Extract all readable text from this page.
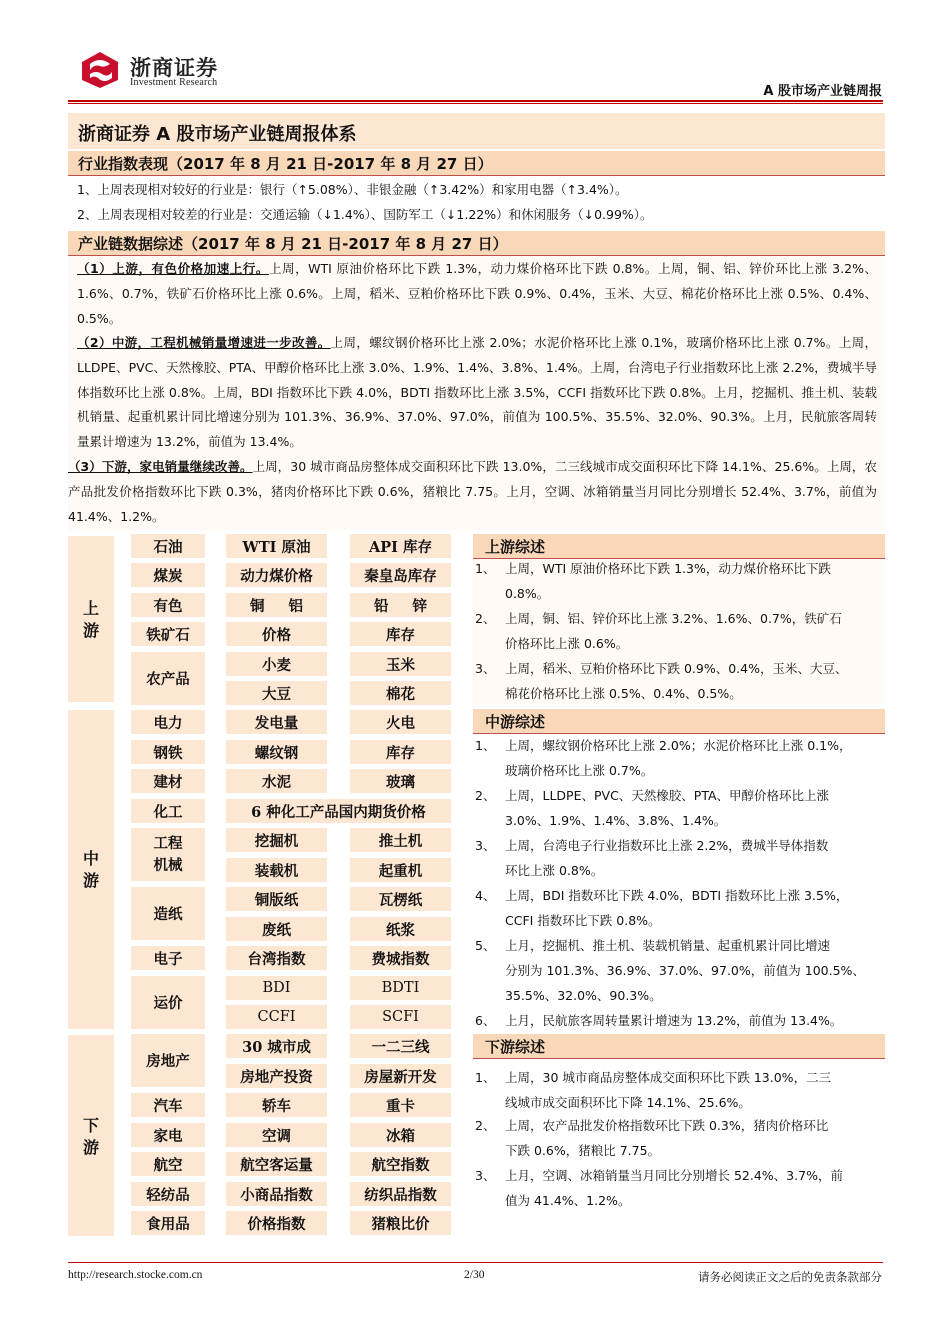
浙商证券
Investment Research
A 股市场产业链周报
浙商证券 A 股市场产业链周报体系
行业指数表现（2017 年 8 月 21 日-2017 年 8 月 27 日）
1、上周表现相对较好的行业是：银行（↑5.08%）、非银金融（↑3.42%）和家用电器（↑3.4%）。
2、上周表现相对较差的行业是：交通运输（↓1.4%）、国防军工（↓1.22%）和休闲服务（↓0.99%）。
产业链数据综述（2017 年 8 月 21 日-2017 年 8 月 27 日）
（1）上游，有色价格加速上行。上周，WTI 原油价格环比下跌 1.3%，动力煤价格环比下跌 0.8%。上周，铜、铝、锌价环比上涨 3.2%、1.6%、0.7%，铁矿石价格环比上涨 0.6%。上周，稻米、豆粕价格环比下跌 0.9%、0.4%，玉米、大豆、棉花价格环比上涨 0.5%、0.4%、0.5%。
（2）中游，工程机械销量增速进一步改善。上周，螺纹钢价格环比上涨 2.0%；水泥价格环比上涨 0.1%，玻璃价格环比上涨 0.7%。上周，LLDPE、PVC、天然橡胶、PTA、甲醇价格环比上涨 3.0%、1.9%、1.4%、3.8%、1.4%。上周，台湾电子行业指数环比上涨 2.2%，费城半导体指数环比上涨 0.8%。上周，BDI 指数环比下跌 4.0%，BDTI 指数环比上涨 3.5%，CCFI 指数环比下跌 0.8%。上月，挖掘机、推土机、装载机销量、起重机累计同比增速分别为 101.3%、36.9%、37.0%、97.0%，前值为 100.5%、35.5%、32.0%、90.3%。上月，民航旅客周转量累计增速为 13.2%，前值为 13.4%。
（3）下游，家电销量继续改善。上周，30 城市商品房整体成交面积环比下跌 13.0%，二三线城市成交面积环比下降 14.1%、25.6%。上周，农产品批发价格指数环比下跌 0.3%，猪肉价格环比下跌 0.6%，猪粮比 7.75。上月，空调、冰箱销量当月同比分别增长 52.4%、3.7%，前值为 41.4%、1.2%。
上
游
中
游
下
游
石油	WTI 原油	API 库存
煤炭	动力煤价格	秦皇岛库存
有色	铜 铝	铅 锌
铁矿石	价格	库存
农产品
小麦	玉米
大豆	棉花
电力	发电量	火电
钢铁	螺纹钢	库存
建材	水泥	玻璃
化工	6 种化工产品国内期货价格
工程
机械
挖掘机	推土机
装载机	起重机
造纸
铜版纸	瓦楞纸
废纸	纸浆
电子	台湾指数	费城指数
运价
BDI	BDTI
CCFI	SCFI
房地产
30 城市成	一二三线
房地产投资	房屋新开发
汽车	轿车	重卡
家电	空调	冰箱
航空	航空客运量	航空指数
轻纺品	小商品指数	纺织品指数
食用品	价格指数	猪粮比价
上游综述
1、 上周，WTI 原油价格环比下跌 1.3%，动力煤价格环比下跌
0.8%。
2、 上周，铜、铝、锌价环比上涨 3.2%、1.6%、0.7%，铁矿石
价格环比上涨 0.6%。
3、 上周，稻米、豆粕价格环比下跌 0.9%、0.4%，玉米、大豆、
棉花价格环比上涨 0.5%、0.4%、0.5%。
中游综述
1、 上周，螺纹钢价格环比上涨 2.0%；水泥价格环比上涨 0.1%，
玻璃价格环比上涨 0.7%。
2、 上周，LLDPE、PVC、天然橡胶、PTA、甲醇价格环比上涨
3.0%、1.9%、1.4%、3.8%、1.4%。
3、 上周，台湾电子行业指数环比上涨 2.2%，费城半导体指数
环比上涨 0.8%。
4、 上周，BDI 指数环比下跌 4.0%，BDTI 指数环比上涨 3.5%，
CCFI 指数环比下跌 0.8%。
5、 上月，挖掘机、推土机、装载机销量、起重机累计同比增速
分别为 101.3%、36.9%、37.0%、97.0%，前值为 100.5%、
35.5%、32.0%、90.3%。
6、 上月，民航旅客周转量累计增速为 13.2%，前值为 13.4%。
下游综述
1、 上周，30 城市商品房整体成交面积环比下跌 13.0%，二三
线城市成交面积环比下降 14.1%、25.6%。
2、 上周，农产品批发价格指数环比下跌 0.3%，猪肉价格环比
下跌 0.6%，猪粮比 7.75。
3、 上月，空调、冰箱销量当月同比分别增长 52.4%、3.7%，前
值为 41.4%、1.2%。
http://research.stocke.com.cn	2/30	请务必阅读正文之后的免责条款部分
